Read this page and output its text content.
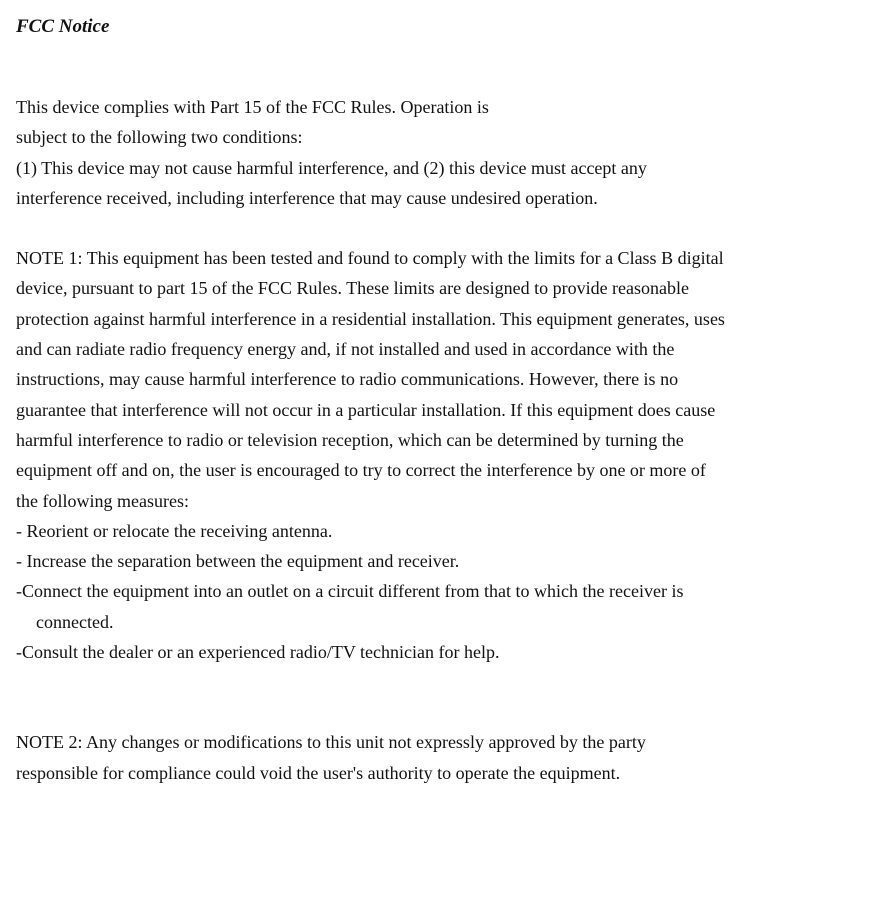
FCC Notice

This device complies with Part 15 of the FCC Rules. Operation is

subject to the following two conditions:

(1) This device may not cause harmful interference, and (2) this device must accept any

interference received, including interference that may cause undesired operation.

NOTE 1: This equipment has been tested and found to comply with the limits for a Class B digital

device, pursuant to part 15 of the FCC Rules. These limits are designed to provide reasonable

protection against harmful interference in a residential installation. This equipment generates, uses

and can radiate radio frequency energy and, if not installed and used in accordance with the

instructions, may cause harmful interference to radio communications. However, there is no

guarantee that interference will not occur in a particular installation. If this equipment does cause

harmful interference to radio or television reception, which can be determined by turning the

equipment off and on, the user is encouraged to try to correct the interference by one or more of

the following measures:

- Reorient or relocate the receiving antenna.

- Increase the separation between the equipment and receiver.

-Connect the equipment into an outlet on a circuit different from that to which the receiver is

connected.

-Consult the dealer or an experienced radio/TV technician for help.

NOTE 2: Any changes or modifications to this unit not expressly approved by the party

responsible for compliance could void the user's authority to operate the equipment.
